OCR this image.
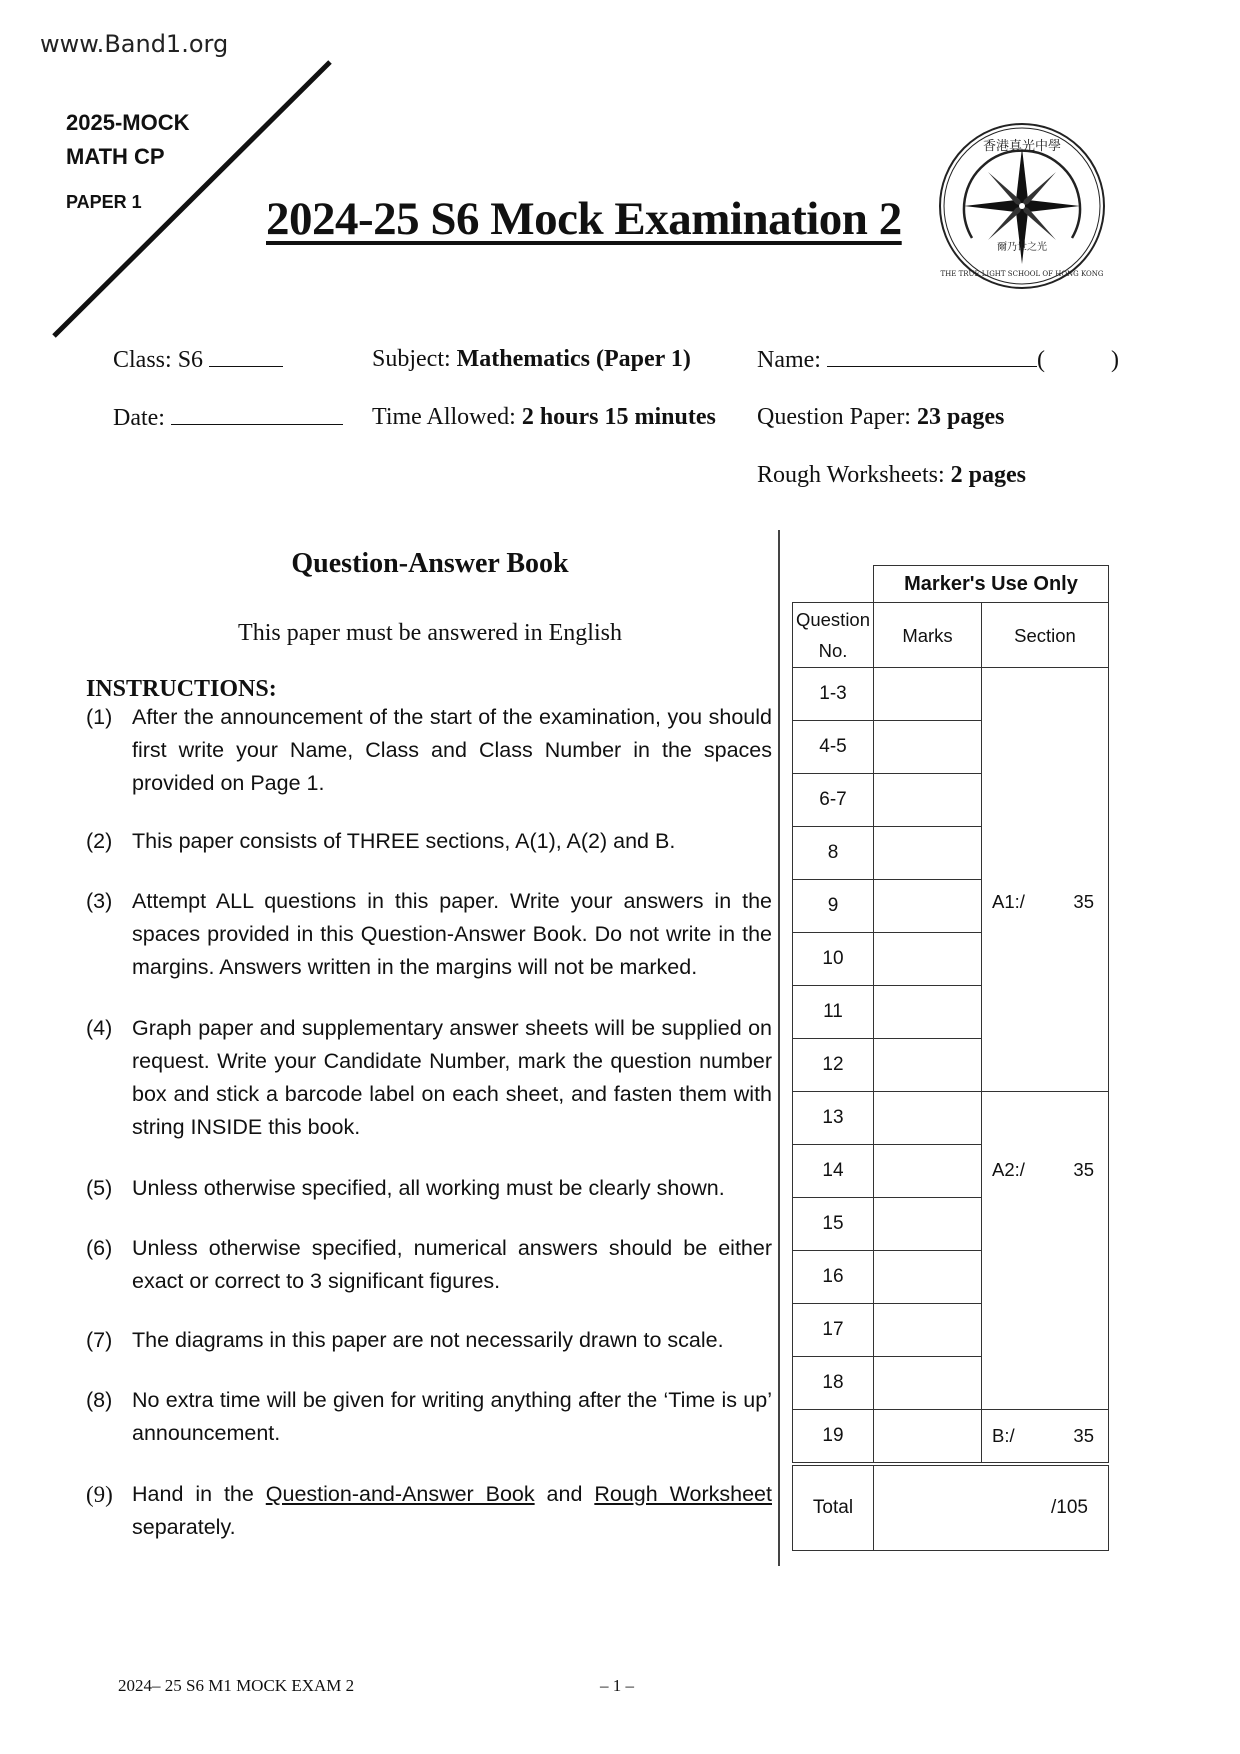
www.Band1.org
2025-MOCK
MATH CP
PAPER 1	2024-25 S6 Mock Examination 2
香港真光中學
爾乃世之光
THE TRUE LIGHT SCHOOL OF HONG KONG
Class: S6	Subject: Mathematics (Paper 1)	Name:	(	)
Date:	Time Allowed: 2 hours 15 minutes Question Paper: 23 pages
Rough Worksheets: 2 pages
Question-Answer Book
This paper must be answered in English
INSTRUCTIONS:
(1) After the announcement of the start of the examination, you should first write your Name, Class and Class Number in the spaces provided on Page 1.
(2) This paper consists of THREE sections, A(1), A(2) and B.
(3) Attempt ALL questions in this paper. Write your answers in the spaces provided in this Question-Answer Book. Do not write in the margins. Answers written in the margins will not be marked.
(4) Graph paper and supplementary answer sheets will be supplied on request. Write your Candidate Number, mark the question number box and stick a barcode label on each sheet, and fasten them with string INSIDE this book.
(5) Unless otherwise specified, all working must be clearly shown.
(6) Unless otherwise specified, numerical answers should be either exact or correct to 3 significant figures.
(7) The diagrams in this paper are not necessarily drawn to scale.
(8) No extra time will be given for writing anything after the ‘Time is up’ announcement.
(9) Hand in the Question-and-Answer Book and Rough Worksheet separately.
	Marker's Use Only	

Question
No.	Marks	Section
1-3		A1:/ 35

4-5		
6-7		
8		
9		
10		
11		
12		
13		A2:/ 35

14		
15		
16		
17		
18		
19		B:/ 35

Total	/105	
2024– 25 S6 M1 MOCK EXAM 2	– 1 –
